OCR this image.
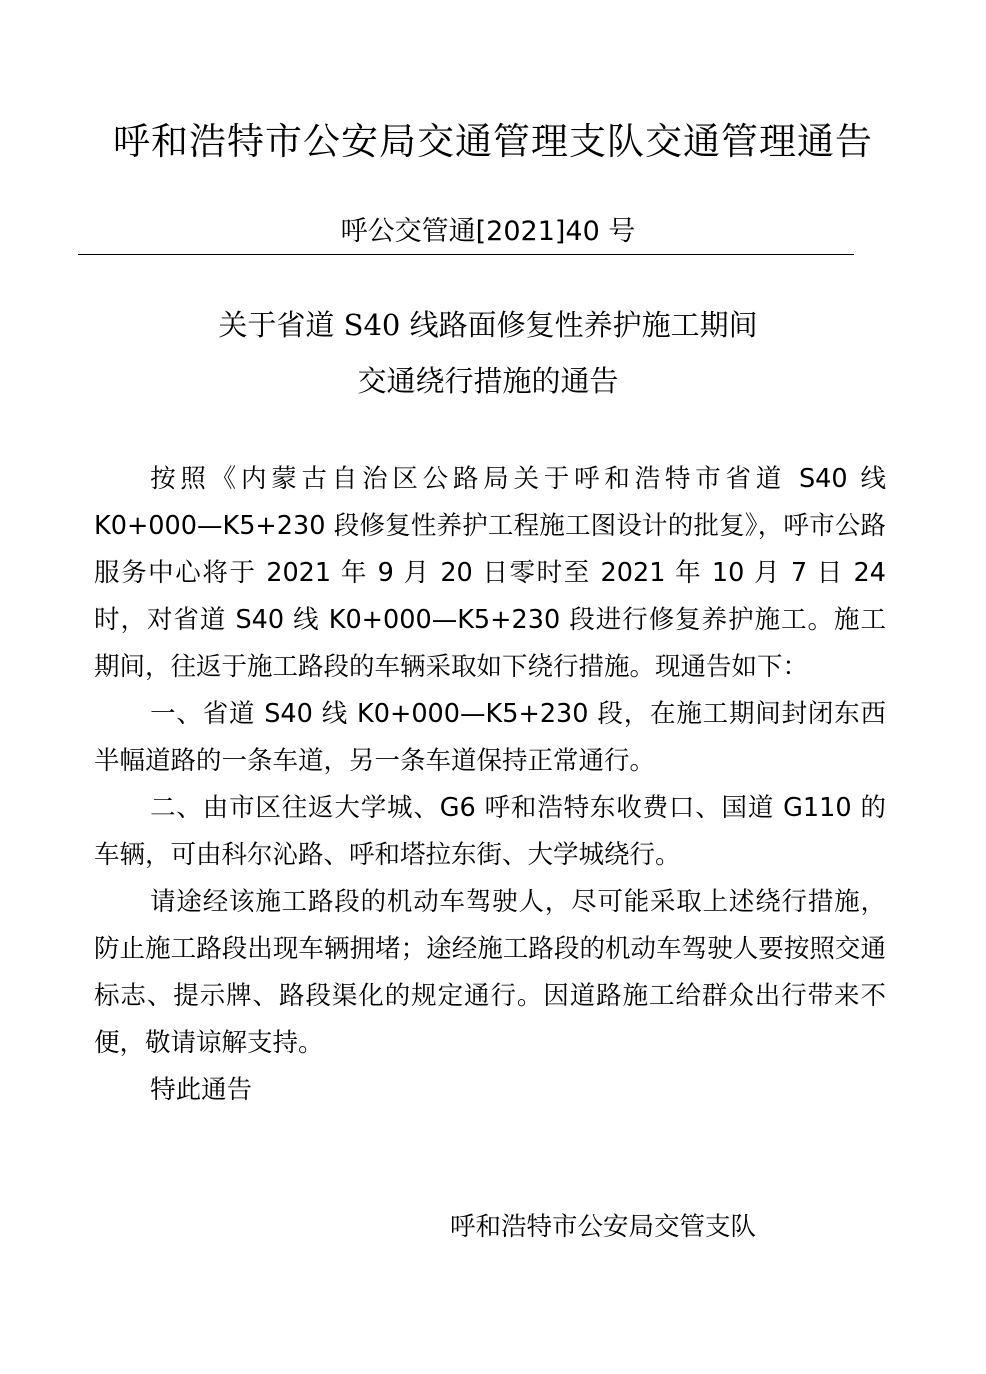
呼和浩特市公安局交通管理支队交通管理通告
呼公交管通[2021]40 号
关于省道 S40 线路面修复性养护施工期间
交通绕行措施的通告

按照《内蒙古自治区公路局关于呼和浩特市省道 S40 线 K0+000—K5+230 段修复性养护工程施工图设计的批复》，呼市公路服务中心将于 2021 年 9 月 20 日零时至 2021 年 10 月 7 日 24 时，对省道 S40 线 K0+000—K5+230 段进行修复养护施工。施工期间，往返于施工路段的车辆采取如下绕行措施。现通告如下：

一、省道 S40 线 K0+000—K5+230 段，在施工期间封闭东西半幅道路的一条车道，另一条车道保持正常通行。

二、由市区往返大学城、G6 呼和浩特东收费口、国道 G110 的车辆，可由科尔沁路、呼和塔拉东街、大学城绕行。

请途经该施工路段的机动车驾驶人，尽可能采取上述绕行措施，防止施工路段出现车辆拥堵；途经施工路段的机动车驾驶人要按照交通标志、提示牌、路段渠化的规定通行。因道路施工给群众出行带来不便，敬请谅解支持。

特此通告

呼和浩特市公安局交管支队
